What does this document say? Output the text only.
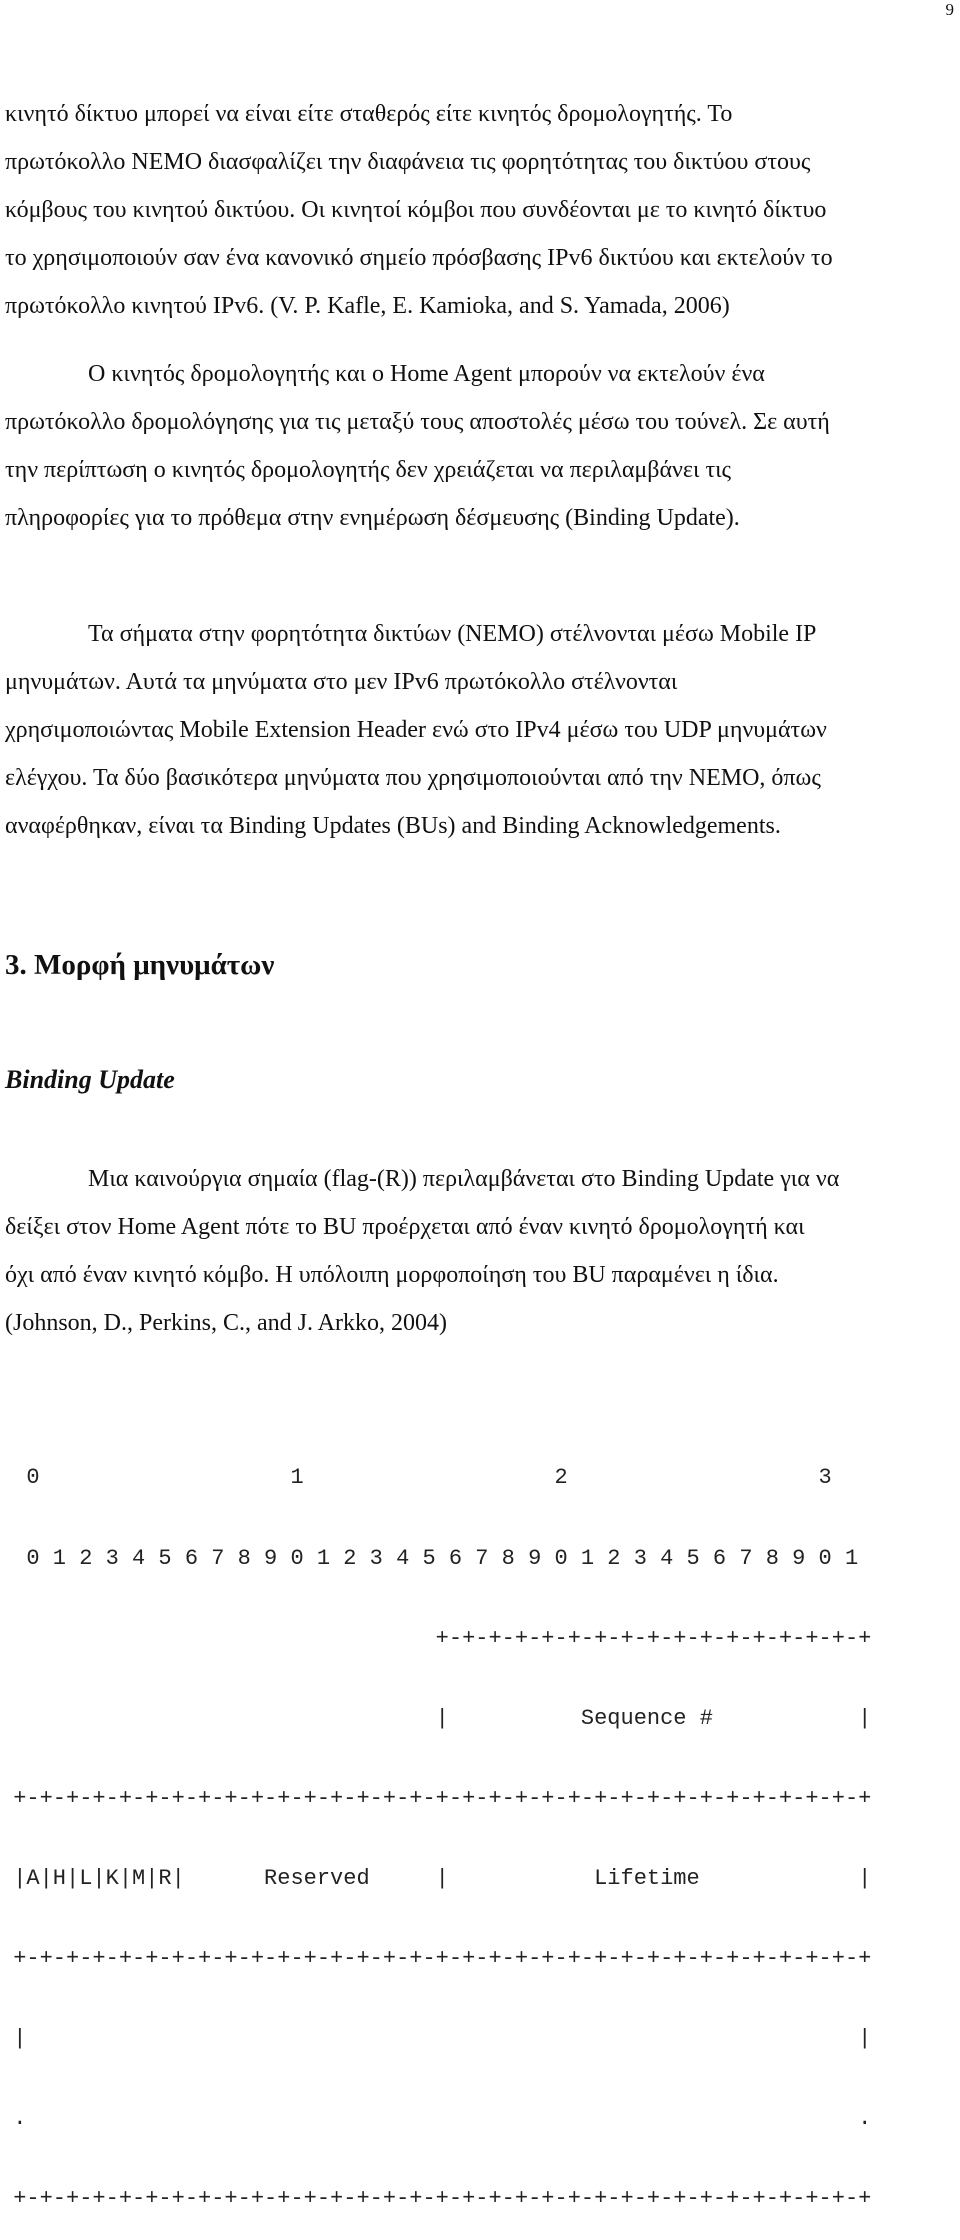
9
κινητό δίκτυο μπορεί να είναι είτε σταθερός είτε κινητός δρομολογητής. Το
πρωτόκολλο NEMO διασφαλίζει την διαφάνεια τις φορητότητας του δικτύου στους
κόμβους του κινητού δικτύου. Οι κινητοί κόμβοι που συνδέονται με το κινητό δίκτυο
το χρησιμοποιούν σαν ένα κανονικό σημείο πρόσβασης IPv6 δικτύου και εκτελούν το
πρωτόκολλο κινητού IPv6. (V. P. Kafle, E. Kamioka, and S. Yamada, 2006)
Ο κινητός δρομολογητής και ο Home Agent μπορούν να εκτελούν ένα
πρωτόκολλο δρομολόγησης για τις μεταξύ τους αποστολές μέσω του τούνελ. Σε αυτή
την περίπτωση ο κινητός δρομολογητής δεν χρειάζεται να περιλαμβάνει τις
πληροφορίες για το πρόθεμα στην ενημέρωση δέσμευσης (Binding Update).
Τα σήματα στην φορητότητα δικτύων (NEMO) στέλνονται μέσω Mobile IP
μηνυμάτων. Αυτά τα μηνύματα στο μεν IPv6 πρωτόκολλο στέλνονται
χρησιμοποιώντας Mobile Extension Header ενώ στο IPv4 μέσω του UDP μηνυμάτων
ελέγχου. Τα δύο βασικότερα μηνύματα που χρησιμοποιούνται από την NEMO, όπως
αναφέρθηκαν, είναι τα Binding Updates (BUs) and Binding Acknowledgements.
3. Μορφή μηνυμάτων
Binding Update
Μια καινούργια σημαία (flag-(R)) περιλαμβάνεται στο Binding Update για να
δείξει στον Home Agent πότε το BU προέρχεται από έναν κινητό δρομολογητή και
όχι από έναν κινητό κόμβο. Η υπόλοιπη μορφοποίηση του BU παραμένει η ίδια.
(Johnson, D., Perkins, C., and J. Arkko, 2004)

0                   1                   2                   3

0 1 2 3 4 5 6 7 8 9 0 1 2 3 4 5 6 7 8 9 0 1 2 3 4 5 6 7 8 9 0 1

+-+-+-+-+-+-+-+-+-+-+-+-+-+-+-+-+

|          Sequence #           |

+-+-+-+-+-+-+-+-+-+-+-+-+-+-+-+-+-+-+-+-+-+-+-+-+-+-+-+-+-+-+-+-+

|A|H|L|K|M|R|      Reserved     |           Lifetime            |

+-+-+-+-+-+-+-+-+-+-+-+-+-+-+-+-+-+-+-+-+-+-+-+-+-+-+-+-+-+-+-+-+

|                                                               |

.                                                               .

+-+-+-+-+-+-+-+-+-+-+-+-+-+-+-+-+-+-+-+-+-+-+-+-+-+-+-+-+-+-+-+-+
